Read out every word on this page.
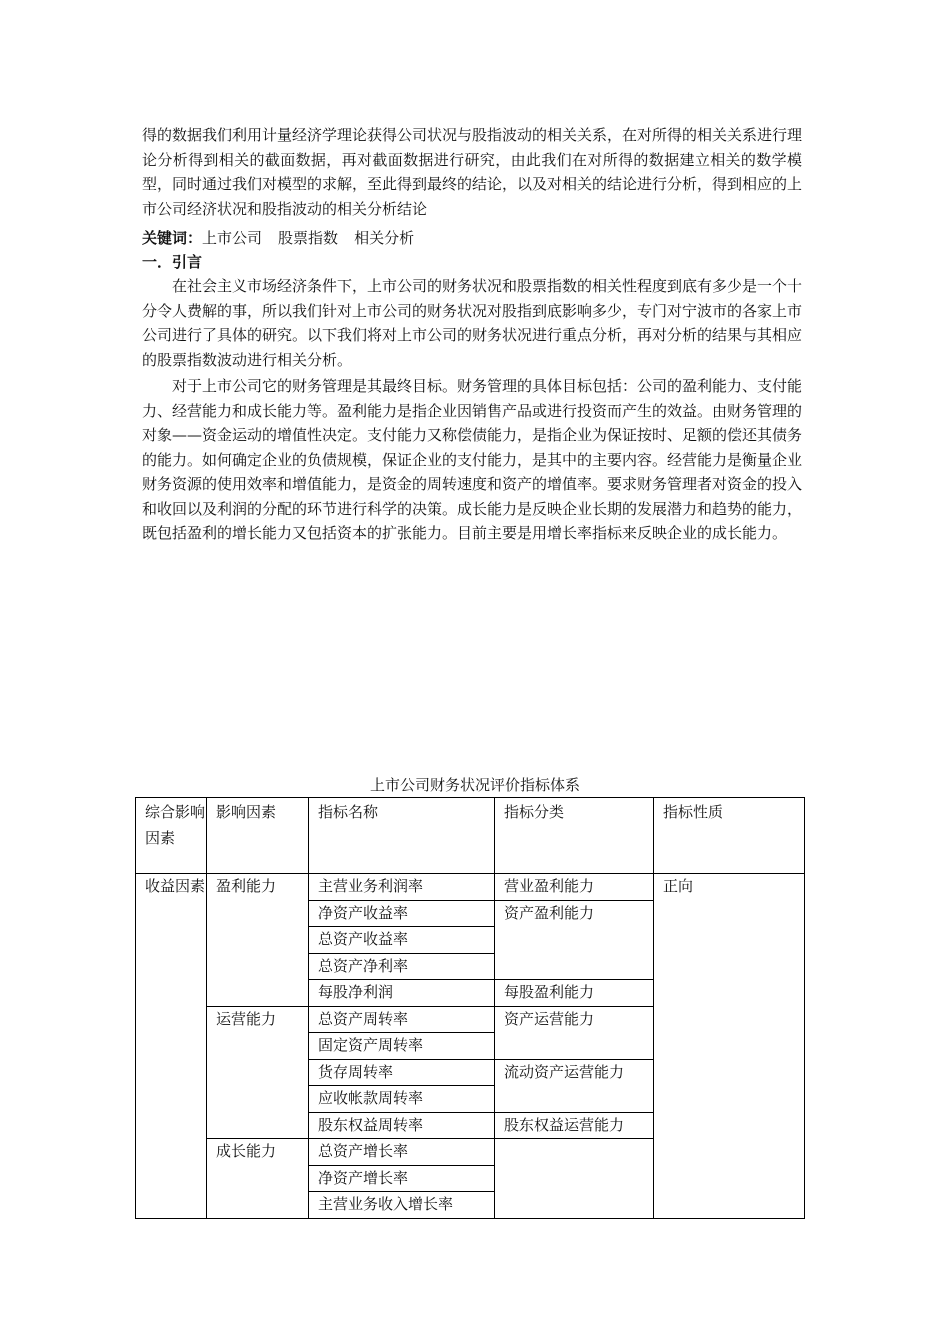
得的数据我们利用计量经济学理论获得公司状况与股指波动的相关关系，在对所得的相关关系进行理论分析得到相关的截面数据，再对截面数据进行研究，由此我们在对所得的数据建立相关的数学模型，同时通过我们对模型的求解，至此得到最终的结论，以及对相关的结论进行分析，得到相应的上市公司经济状况和股指波动的相关分析结论
关键词：上市公司 股票指数 相关分析
一．引言
在社会主义市场经济条件下，上市公司的财务状况和股票指数的相关性程度到底有多少是一个十分令人费解的事，所以我们针对上市公司的财务状况对股指到底影响多少，专门对宁波市的各家上市公司进行了具体的研究。以下我们将对上市公司的财务状况进行重点分析，再对分析的结果与其相应的股票指数波动进行相关分析。
对于上市公司它的财务管理是其最终目标。财务管理的具体目标包括：公司的盈利能力、支付能力、经营能力和成长能力等。盈利能力是指企业因销售产品或进行投资而产生的效益。由财务管理的对象——资金运动的增值性决定。支付能力又称偿债能力，是指企业为保证按时、足额的偿还其债务的能力。如何确定企业的负债规模，保证企业的支付能力，是其中的主要内容。经营能力是衡量企业财务资源的使用效率和增值能力，是资金的周转速度和资产的增值率。要求财务管理者对资金的投入和收回以及利润的分配的环节进行科学的决策。成长能力是反映企业长期的发展潜力和趋势的能力，既包括盈利的增长能力又包括资本的扩张能力。目前主要是用增长率指标来反映企业的成长能力。
上市公司财务状况评价指标体系
综合影响因素	影响因素	指标名称	指标分类	指标性质
收益因素	盈利能力	主营业务利润率	营业盈利能力	正向
		净资产收益率	资产盈利能力	
		总资产收益率		
		总资产净利率		
		每股净利润	每股盈利能力	
	运营能力	总资产周转率	资产运营能力	
		固定资产周转率		
		货存周转率	流动资产运营能力	
		应收帐款周转率		
		股东权益周转率	股东权益运营能力	
	成长能力	总资产增长率		
		净资产增长率		
		主营业务收入增长率		
